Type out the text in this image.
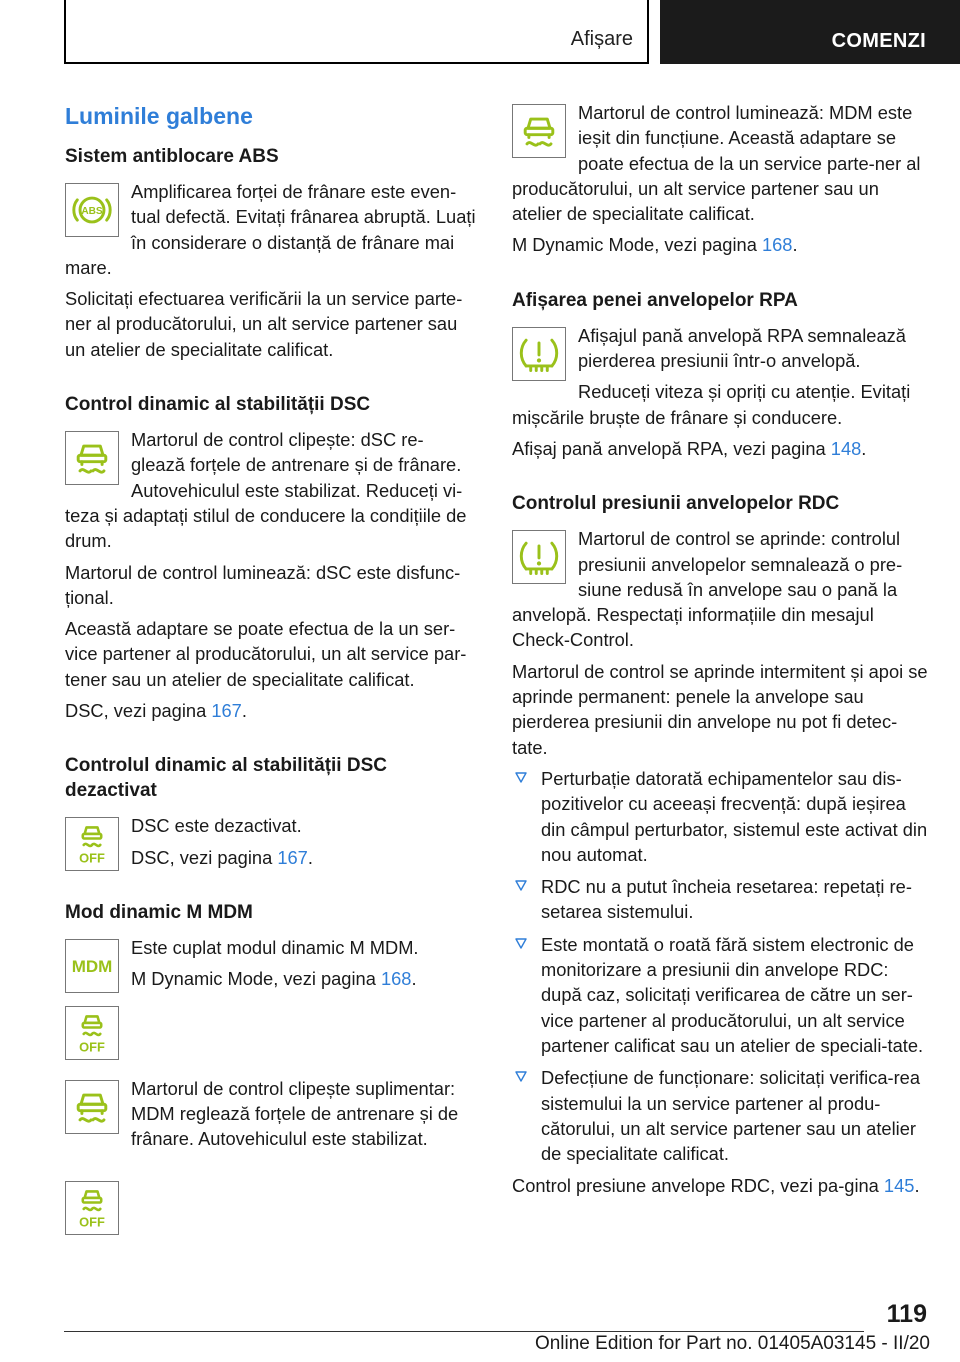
Afișare	COMENZI
Luminile galbene
Sistem antiblocare ABS
ABS
Amplificarea forței de frânare este even-tual defectă. Evitați frânarea abruptă. Luați în considerare o distanță de frânare mai mare.
Solicitați efectuarea verificării la un service parte-ner al producătorului, un alt service partener sau un atelier de specialitate calificat.
Control dinamic al stabilității DSC
Martorul de control clipește: dSC re-glează forțele de antrenare și de frânare. Autovehiculul este stabilizat. Reduceți vi-teza și adaptați stilul de conducere la condițiile de drum.
Martorul de control luminează: dSC este disfunc-țional.
Această adaptare se poate efectua de la un ser-vice partener al producătorului, un alt service par-tener sau un atelier de specialitate calificat.
DSC, vezi pagina 167.
Controlul dinamic al stabilității DSC dezactivat
OFF
DSC este dezactivat.
DSC, vezi pagina 167.
Mod dinamic M MDM
MDM
Este cuplat modul dinamic M MDM.
M Dynamic Mode, vezi pagina 168.
OFF
Martorul de control clipește suplimentar: MDM reglează forțele de antrenare și de frânare. Autovehiculul este stabilizat.
OFF
Martorul de control luminează: MDM este ieșit din funcțiune. Această adaptare se poate efectua de la un service parte-ner al producătorului, un alt service partener sau un atelier de specialitate calificat.
M Dynamic Mode, vezi pagina 168.
Afișarea penei anvelopelor RPA
Afișajul pană anvelopă RPA semnalează pierderea presiunii într-o anvelopă.
Reduceți viteza și opriți cu atenție. Evitați mișcările bruște de frânare și conducere.
Afișaj pană anvelopă RPA, vezi pagina 148.
Controlul presiunii anvelopelor RDC
Martorul de control se aprinde: controlul presiunii anvelopelor semnalează o pre-siune redusă în anvelope sau o pană la anvelopă. Respectați informațiile din mesajul Check-Control.
Martorul de control se aprinde intermitent și apoi se aprinde permanent: penele la anvelope sau pierderea presiunii din anvelope nu pot fi detec-tate.
Perturbație datorată echipamentelor sau dis-pozitivelor cu aceeași frecvență: după ieșirea din câmpul perturbator, sistemul este activat din nou automat.
RDC nu a putut încheia resetarea: repetați re-setarea sistemului.
Este montată o roată fără sistem electronic de monitorizare a presiunii din anvelope RDC: după caz, solicitați verificarea de către un ser-vice partener al producătorului, un alt service partener calificat sau un atelier de speciali-tate.
Defecțiune de funcționare: solicitați verifica-rea sistemului la un service partener al produ-cătorului, un alt service partener sau un atelier de specialitate calificat.
Control presiune anvelope RDC, vezi pa-gina 145.
119
Online Edition for Part no. 01405A03145 - II/20
